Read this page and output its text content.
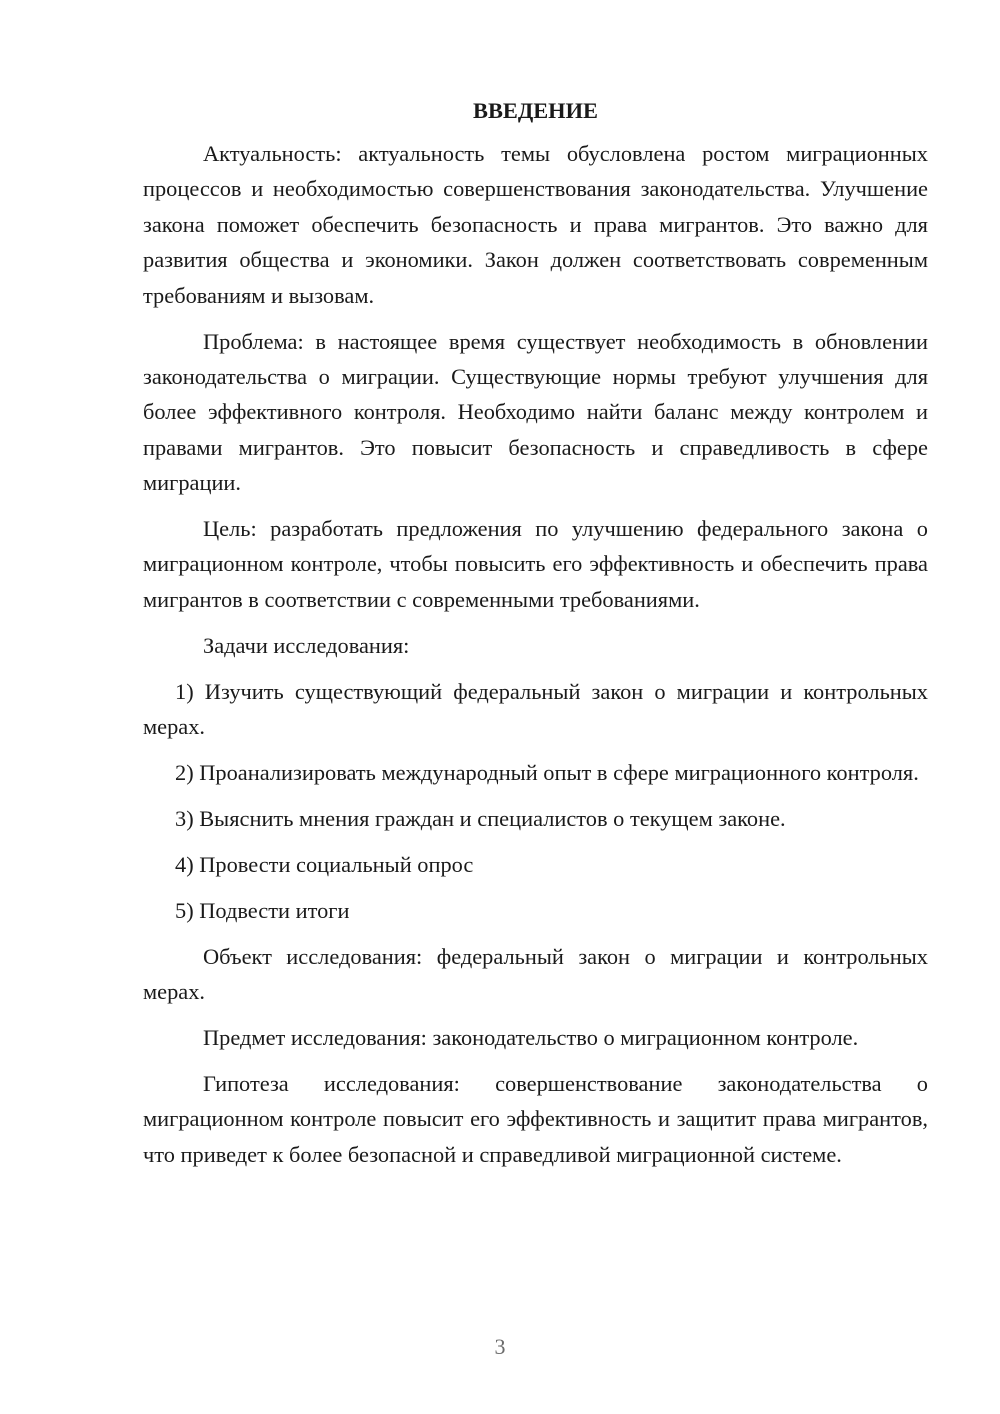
ВВЕДЕНИЕ

Актуальность: актуальность темы обусловлена ростом миграционных процессов и необходимостью совершенствования законодательства. Улучшение закона поможет обеспечить безопасность и права мигрантов. Это важно для развития общества и экономики. Закон должен соответствовать современным требованиям и вызовам.

Проблема: в настоящее время существует необходимость в обновлении законодательства о миграции. Существующие нормы требуют улучшения для более эффективного контроля. Необходимо найти баланс между контролем и правами мигрантов. Это повысит безопасность и справедливость в сфере миграции.

Цель: разработать предложения по улучшению федерального закона о миграционном контроле, чтобы повысить его эффективность и обеспечить права мигрантов в соответствии с современными требованиями.

Задачи исследования:

1) Изучить существующий федеральный закон о миграции и контрольных мерах.

2) Проанализировать международный опыт в сфере миграционного контроля.

3) Выяснить мнения граждан и специалистов о текущем законе.

4) Провести социальный опрос

5) Подвести итоги

Объект исследования: федеральный закон о миграции и контрольных мерах.

Предмет исследования: законодательство о миграционном контроле.

Гипотеза исследования: совершенствование законодательства о миграционном контроле повысит его эффективность и защитит права мигрантов, что приведет к более безопасной и справедливой миграционной системе.

3
